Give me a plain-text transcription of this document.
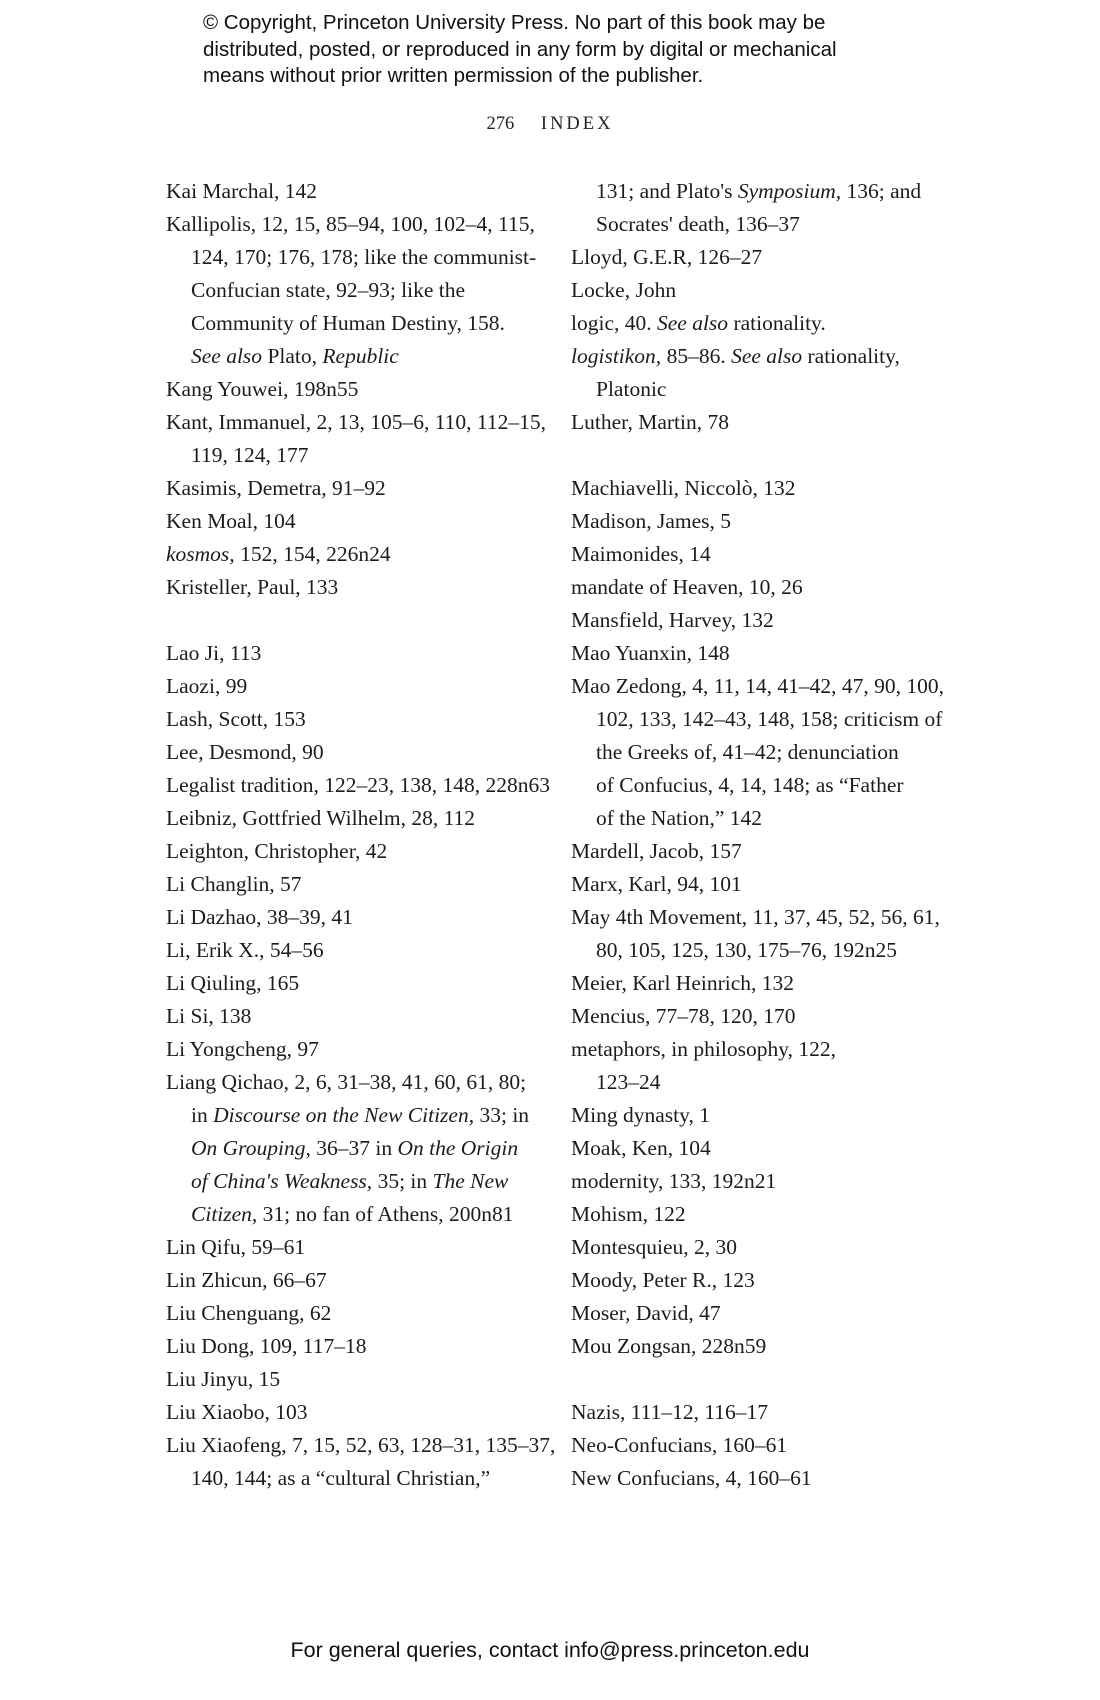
© Copyright, Princeton University Press. No part of this book may be
distributed, posted, or reproduced in any form by digital or mechanical
means without prior written permission of the publisher.
276 INDEX
Kai Marchal, 142
Kallipolis, 12, 15, 85–94, 100, 102–4, 115,
124, 170; 176, 178; like the communist-
Confucian state, 92–93; like the
Community of Human Destiny, 158.
See also Plato, Republic
Kang Youwei, 198n55
Kant, Immanuel, 2, 13, 105–6, 110, 112–15,
119, 124, 177
Kasimis, Demetra, 91–92
Ken Moal, 104
kosmos, 152, 154, 226n24
Kristeller, Paul, 133
Lao Ji, 113
Laozi, 99
Lash, Scott, 153
Lee, Desmond, 90
Legalist tradition, 122–23, 138, 148, 228n63
Leibniz, Gottfried Wilhelm, 28, 112
Leighton, Christopher, 42
Li Changlin, 57
Li Dazhao, 38–39, 41
Li, Erik X., 54–56
Li Qiuling, 165
Li Si, 138
Li Yongcheng, 97
Liang Qichao, 2, 6, 31–38, 41, 60, 61, 80;
in Discourse on the New Citizen, 33; in
On Grouping, 36–37 in On the Origin
of China's Weakness, 35; in The New
Citizen, 31; no fan of Athens, 200n81
Lin Qifu, 59–61
Lin Zhicun, 66–67
Liu Chenguang, 62
Liu Dong, 109, 117–18
Liu Jinyu, 15
Liu Xiaobo, 103
Liu Xiaofeng, 7, 15, 52, 63, 128–31, 135–37,
140, 144; as a “cultural Christian,”
131; and Plato's Symposium, 136; and
Socrates' death, 136–37
Lloyd, G.E.R, 126–27
Locke, John
logic, 40. See also rationality.
logistikon, 85–86. See also rationality,
Platonic
Luther, Martin, 78
Machiavelli, Niccolò, 132
Madison, James, 5
Maimonides, 14
mandate of Heaven, 10, 26
Mansfield, Harvey, 132
Mao Yuanxin, 148
Mao Zedong, 4, 11, 14, 41–42, 47, 90, 100,
102, 133, 142–43, 148, 158; criticism of
the Greeks of, 41–42; denunciation
of Confucius, 4, 14, 148; as “Father
of the Nation,” 142
Mardell, Jacob, 157
Marx, Karl, 94, 101
May 4th Movement, 11, 37, 45, 52, 56, 61,
80, 105, 125, 130, 175–76, 192n25
Meier, Karl Heinrich, 132
Mencius, 77–78, 120, 170
metaphors, in philosophy, 122,
123–24
Ming dynasty, 1
Moak, Ken, 104
modernity, 133, 192n21
Mohism, 122
Montesquieu, 2, 30
Moody, Peter R., 123
Moser, David, 47
Mou Zongsan, 228n59
Nazis, 111–12, 116–17
Neo-Confucians, 160–61
New Confucians, 4, 160–61
For general queries, contact info@press.princeton.edu
